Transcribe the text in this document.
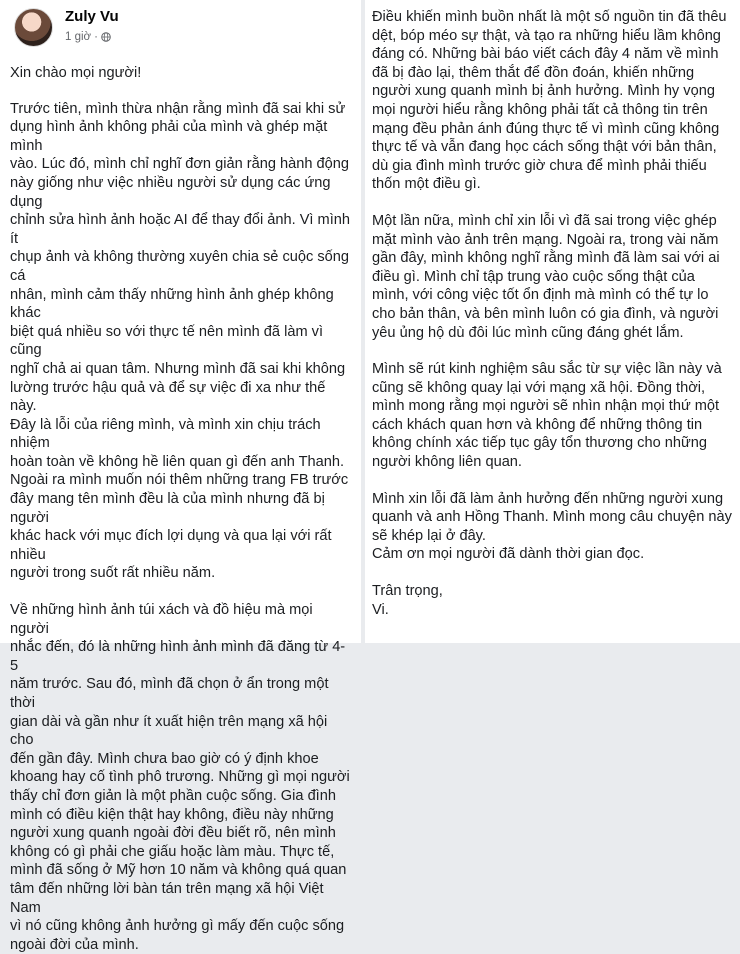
Zuly Vu
1 giờ ·

Xin chào mọi người!

Trước tiên, mình thừa nhận rằng mình đã sai khi sử
dụng hình ảnh không phải của mình và ghép mặt mình
vào. Lúc đó, mình chỉ nghĩ đơn giản rằng hành động
này giống như việc nhiều người sử dụng các ứng dụng
chỉnh sửa hình ảnh hoặc AI để thay đổi ảnh. Vì mình ít
chụp ảnh và không thường xuyên chia sẻ cuộc sống cá
nhân, mình cảm thấy những hình ảnh ghép không khác
biệt quá nhiều so với thực tế nên mình đã làm vì cũng
nghĩ chả ai quan tâm. Nhưng mình đã sai khi không
lường trước hậu quả và để sự việc đi xa như thế này.
Đây là lỗi của riêng mình, và mình xin chịu trách nhiệm
hoàn toàn về không hề liên quan gì đến anh Thanh.
Ngoài ra mình muốn nói thêm những trang FB trước
đây mang tên mình đều là của mình nhưng đã bị người
khác hack với mục đích lợi dụng và qua lại với rất nhiều
người trong suốt rất nhiều năm.

Về những hình ảnh túi xách và đồ hiệu mà mọi người
nhắc đến, đó là những hình ảnh mình đã đăng từ 4-5
năm trước. Sau đó, mình đã chọn ở ẩn trong một thời
gian dài và gần như ít xuất hiện trên mạng xã hội cho
đến gần đây. Mình chưa bao giờ có ý định khoe
khoang hay cố tình phô trương. Những gì mọi người
thấy chỉ đơn giản là một phần cuộc sống. Gia đình
mình có điều kiện thật hay không, điều này những
người xung quanh ngoài đời đều biết rõ, nên mình
không có gì phải che giấu hoặc làm màu. Thực tế,
mình đã sống ở Mỹ hơn 10 năm và không quá quan
tâm đến những lời bàn tán trên mạng xã hội Việt Nam
vì nó cũng không ảnh hưởng gì mấy đến cuộc sống
ngoài đời của mình.

Điều khiến mình buồn nhất là một số nguồn tin đã thêu
dệt, bóp méo sự thật, và tạo ra những hiểu lầm không
đáng có. Những bài báo viết cách đây 4 năm về mình
đã bị đào lại, thêm thắt để đồn đoán, khiến những
người xung quanh mình bị ảnh hưởng. Mình hy vọng
mọi người hiểu rằng không phải tất cả thông tin trên
mạng đều phản ánh đúng thực tế vì mình cũng không
thực tế và vẫn đang học cách sống thật với bản thân,
dù gia đình mình trước giờ chưa để mình phải thiếu
thốn một điều gì.

Một lần nữa, mình chỉ xin lỗi vì đã sai trong việc ghép
mặt mình vào ảnh trên mạng. Ngoài ra, trong vài năm
gần đây, mình không nghĩ rằng mình đã làm sai với ai
điều gì. Mình chỉ tập trung vào cuộc sống thật của
mình, với công việc tốt ổn định mà mình có thể tự lo
cho bản thân, và bên mình luôn có gia đình, và người
yêu ủng hộ dù đôi lúc mình cũng đáng ghét lắm.

Mình sẽ rút kinh nghiệm sâu sắc từ sự việc lần này và
cũng sẽ không quay lại với mạng xã hội. Đồng thời,
mình mong rằng mọi người sẽ nhìn nhận mọi thứ một
cách khách quan hơn và không để những thông tin
không chính xác tiếp tục gây tổn thương cho những
người không liên quan.

Mình xin lỗi đã làm ảnh hưởng đến những người xung
quanh và anh Hồng Thanh. Mình mong câu chuyện này
sẽ khép lại ở đây.
Cảm ơn mọi người đã dành thời gian đọc.

Trân trọng,
Vi.
